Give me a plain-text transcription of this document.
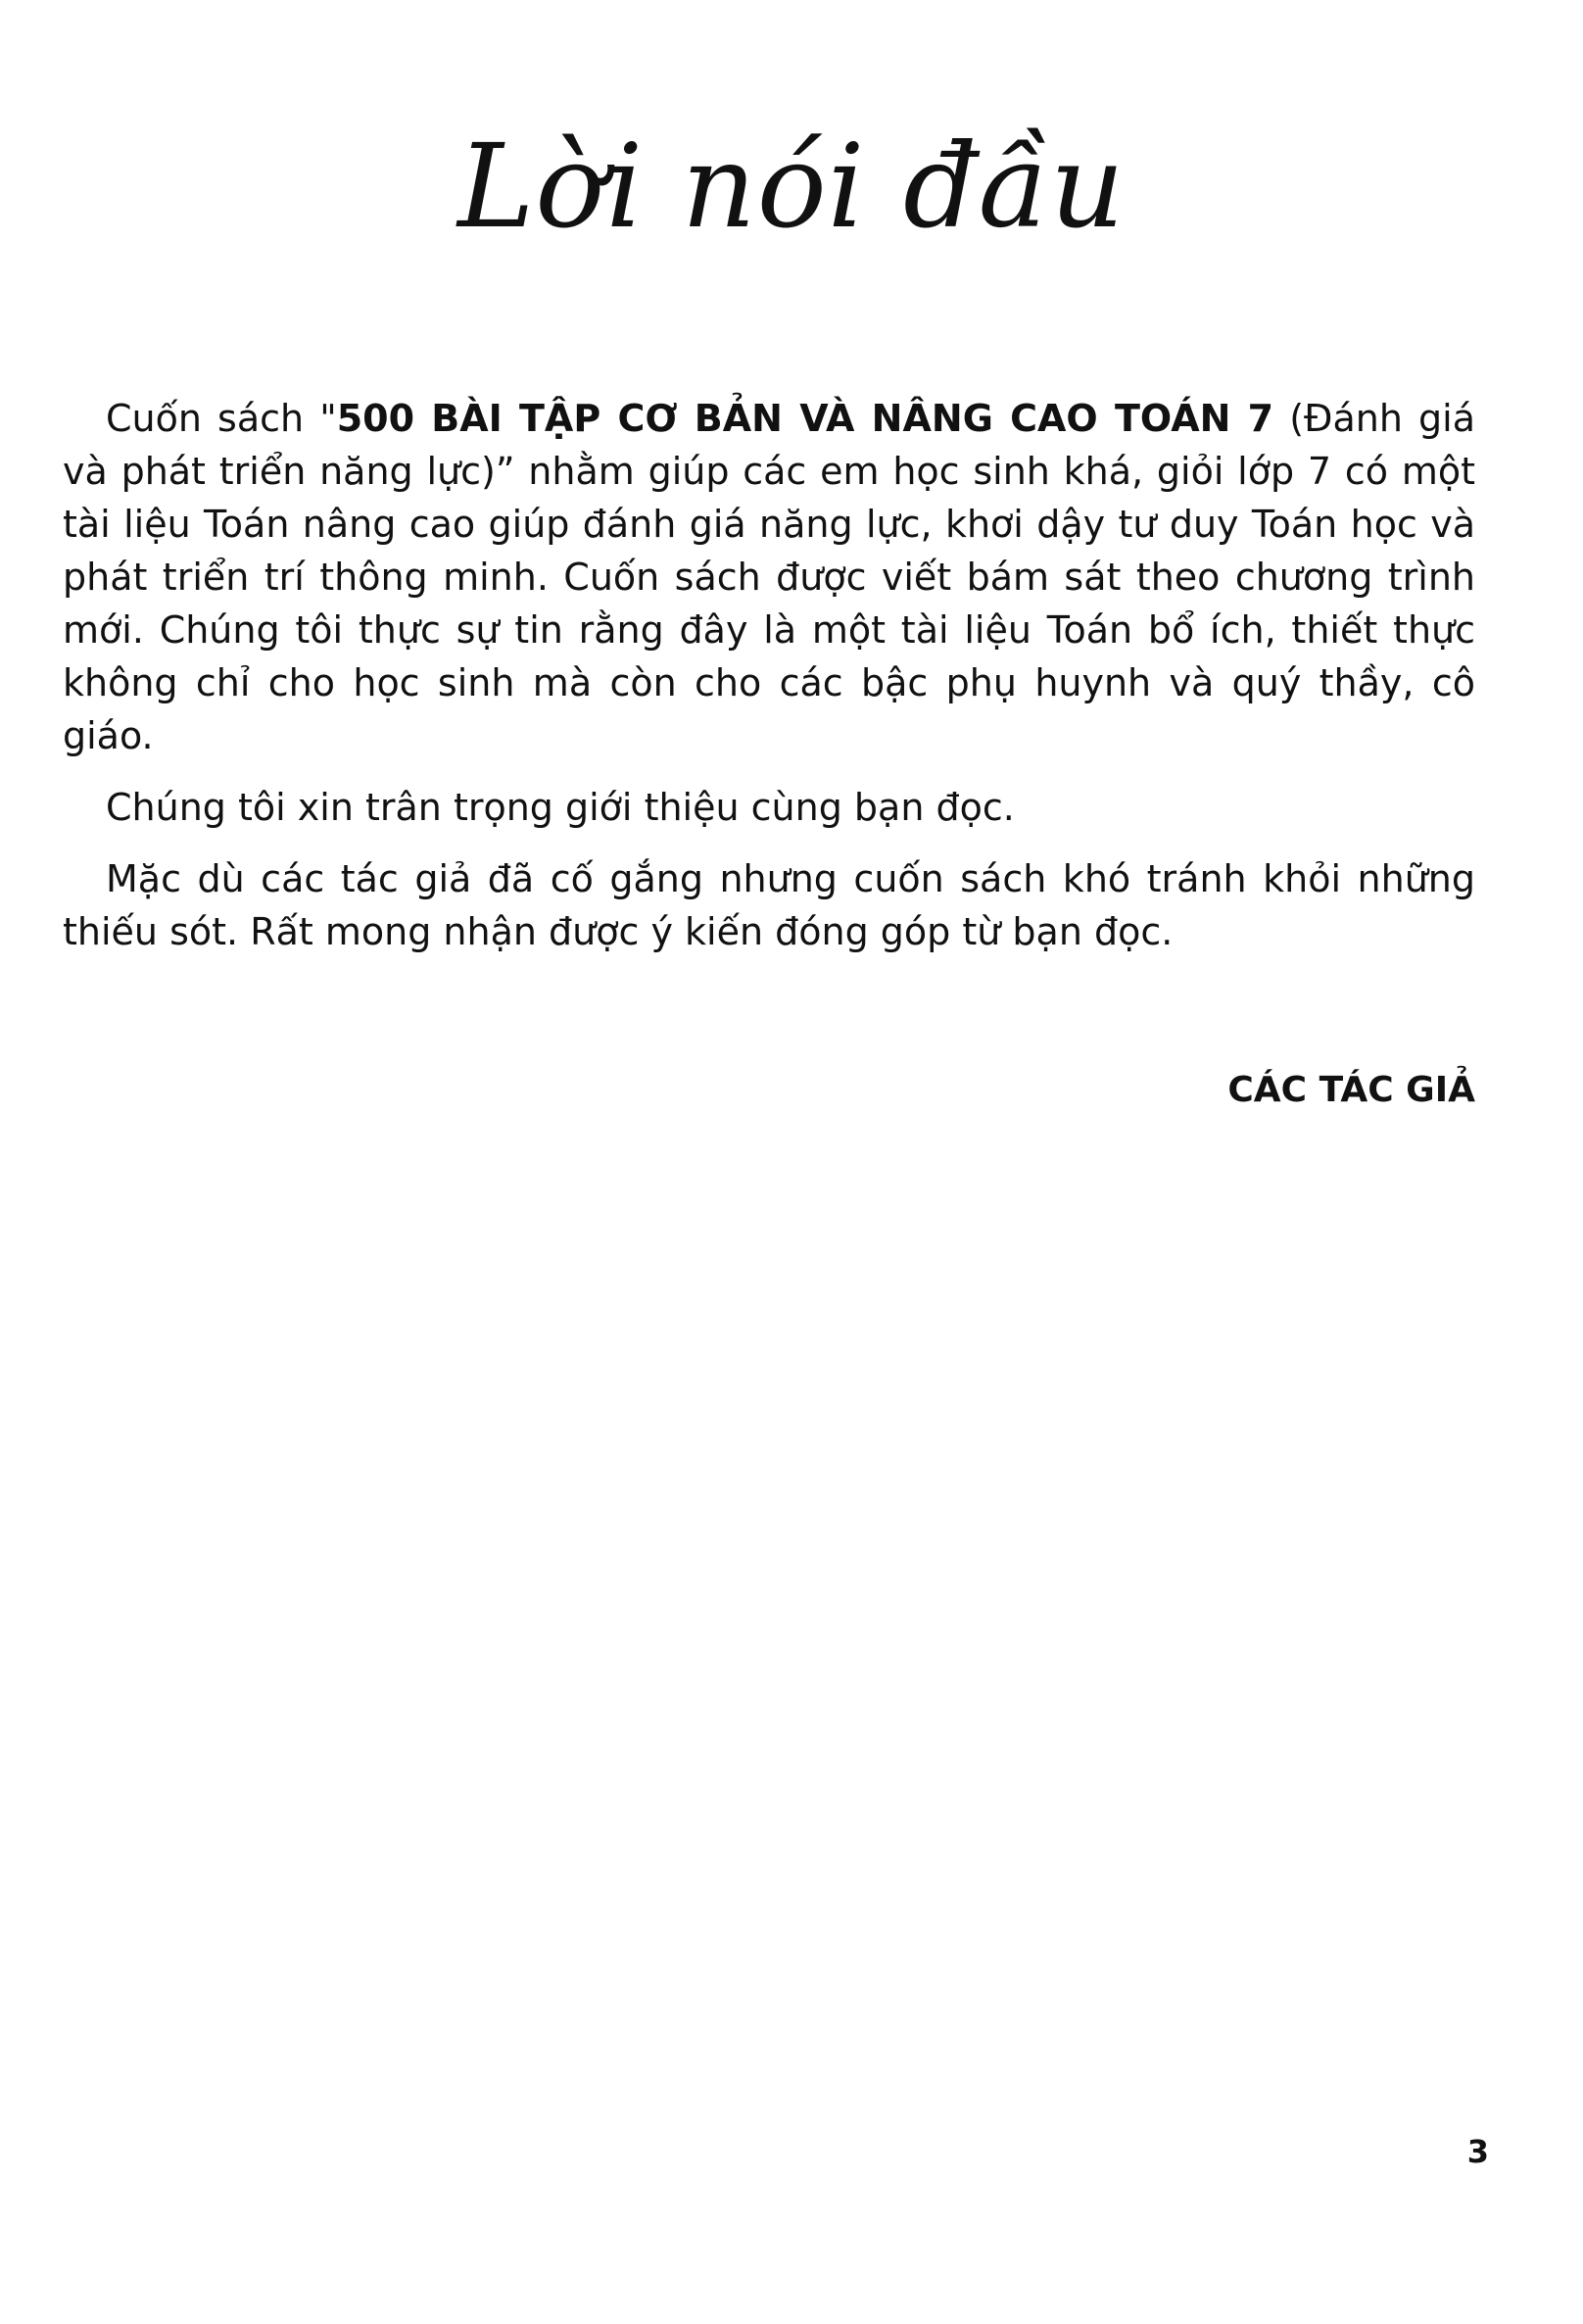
Lời nói đầu

Cuốn sách "500 BÀI TẬP CƠ BẢN VÀ NÂNG CAO TOÁN 7 (Đánh giá và phát triển năng lực)” nhằm giúp các em học sinh khá, giỏi lớp 7 có một tài liệu Toán nâng cao giúp đánh giá năng lực, khơi dậy tư duy Toán học và phát triển trí thông minh. Cuốn sách được viết bám sát theo chương trình mới. Chúng tôi thực sự tin rằng đây là một tài liệu Toán bổ ích, thiết thực không chỉ cho học sinh mà còn cho các bậc phụ huynh và quý thầy, cô giáo.

Chúng tôi xin trân trọng giới thiệu cùng bạn đọc.

Mặc dù các tác giả đã cố gắng nhưng cuốn sách khó tránh khỏi những thiếu sót. Rất mong nhận được ý kiến đóng góp từ bạn đọc.

CÁC TÁC GIẢ
3
